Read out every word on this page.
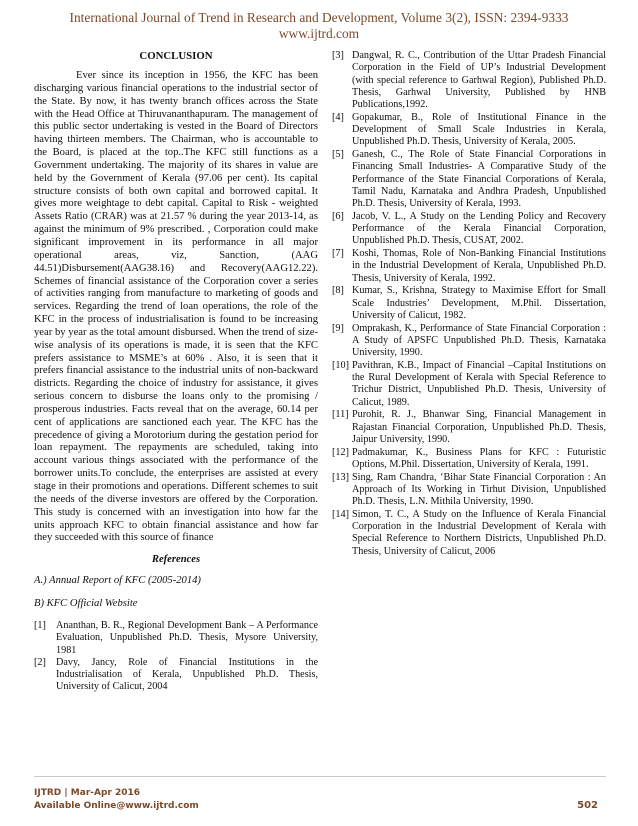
International Journal of Trend in Research and Development, Volume 3(2), ISSN: 2394-9333
www.ijtrd.com
CONCLUSION

Ever since its inception in 1956, the KFC has been discharging various financial operations to the industrial sector of the State. By now, it has twenty branch offices across the State with the Head Office at Thiruvananthapuram. The management of this public sector undertaking is vested in the Board of Directors having thirteen members. The Chairman, who is accountable to the Board, is placed at the top..The KFC still functions as a Government undertaking. The majority of its shares in value are held by the Government of Kerala (97.06 per cent). Its capital structure consists of both own capital and borrowed capital. It gives more weightage to debt capital. Capital to Risk - weighted Assets Ratio (CRAR) was at 21.57 % during the year 2013-14, as against the minimum of 9% prescribed. , Corporation could make significant improvement in its performance in all major operational areas, viz, Sanction, (AAG 44.51)Disbursement(AAG38.16) and Recovery(AAG12.22). Schemes of financial assistance of the Corporation cover a series of activities ranging from manufacture to marketing of goods and services. Regarding the trend of loan operations, the role of the KFC in the process of industrialisation is found to be increasing year by year as the total amount disbursed. When the trend of size-wise analysis of its operations is made, it is seen that the KFC prefers assistance to MSME’s at 60% . Also, it is seen that it prefers financial assistance to the industrial units of non-backward districts. Regarding the choice of industry for assistance, it gives serious concern to disburse the loans only to the promising / prosperous industries. Facts reveal that on the average, 60.14 per cent of applications are sanctioned each year. The KFC has the precedence of giving a Morotorium during the gestation period for loan repayment. The repayments are scheduled, taking into account various things associated with the performance of the borrower units.To conclude, the enterprises are assisted at every stage in their promotions and operations. Different schemes to suit the needs of the diverse investors are offered by the Corporation. This study is concerned with an investigation into how far the units approach KFC to obtain financial assistance and how far they succeeded with this source of finance

References
A.) Annual Report of KFC (2005-2014)
B) KFC Official Website
[1] Ananthan, B. R., Regional Development Bank – A Performance Evaluation, Unpublished Ph.D. Thesis, Mysore University, 1981
[2] Davy, Jancy, Role of Financial Institutions in the Industrialisation of Kerala, Unpublished Ph.D. Thesis, University of Calicut, 2004
[3] Dangwal, R. C., Contribution of the Uttar Pradesh Financial Corporation in the Field of UP’s Industrial Development (with special reference to Garhwal Region), Published Ph.D. Thesis, Garhwal University, Published by HNB Publications,1992.
[4] Gopakumar, B., Role of Institutional Finance in the Development of Small Scale Industries in Kerala, Unpublished Ph.D. Thesis, University of Kerala, 2005.
[5] Ganesh, C., The Role of State Financial Corporations in Financing Small Industries- A Comparative Study of the Performance of the State Financial Corporations of Kerala, Tamil Nadu, Karnataka and Andhra Pradesh, Unpublished Ph.D. Thesis, University of Kerala, 1993.
[6] Jacob, V. L., A Study on the Lending Policy and Recovery Performance of the Kerala Financial Corporation, Unpublished Ph.D. Thesis, CUSAT, 2002.
[7] Koshi, Thomas, Role of Non-Banking Financial Institutions in the Industrial Development of Kerala, Unpublished Ph.D. Thesis, University of Kerala, 1992.
[8] Kumar, S., Krishna, Strategy to Maximise Effort for Small Scale Industries’ Development, M.Phil. Dissertation, University of Calicut, 1982.
[9] Omprakash, K., Performance of State Financial Corporation : A Study of APSFC Unpublished Ph.D. Thesis, Karnataka University, 1990.
[10] Pavithran, K.B., Impact of Financial –Capital Institutions on the Rural Development of Kerala with Special Reference to Trichur District, Unpublished Ph.D. Thesis, University of Calicut, 1989.
[11] Purohit, R. J., Bhanwar Sing, Financial Management in Rajastan Financial Corporation, Unpublished Ph.D. Thesis, Jaipur University, 1990.
[12] Padmakumar, K., Business Plans for KFC : Futuristic Options, M.Phil. Dissertation, University of Kerala, 1991.
[13] Sing, Ram Chandra, ‘Bihar State Financial Corporation : An Approach of Its Working in Tirhut Division, Unpublished Ph.D. Thesis, L.N. Mithila University, 1990.
[14] Simon, T. C., A Study on the Influence of Kerala Financial Corporation in the Industrial Development of Kerala with Special Reference to Northern Districts, Unpublished Ph.D. Thesis, University of Calicut, 2006
IJTRD | Mar-Apr 2016
Available Online@www.ijtrd.com	502
